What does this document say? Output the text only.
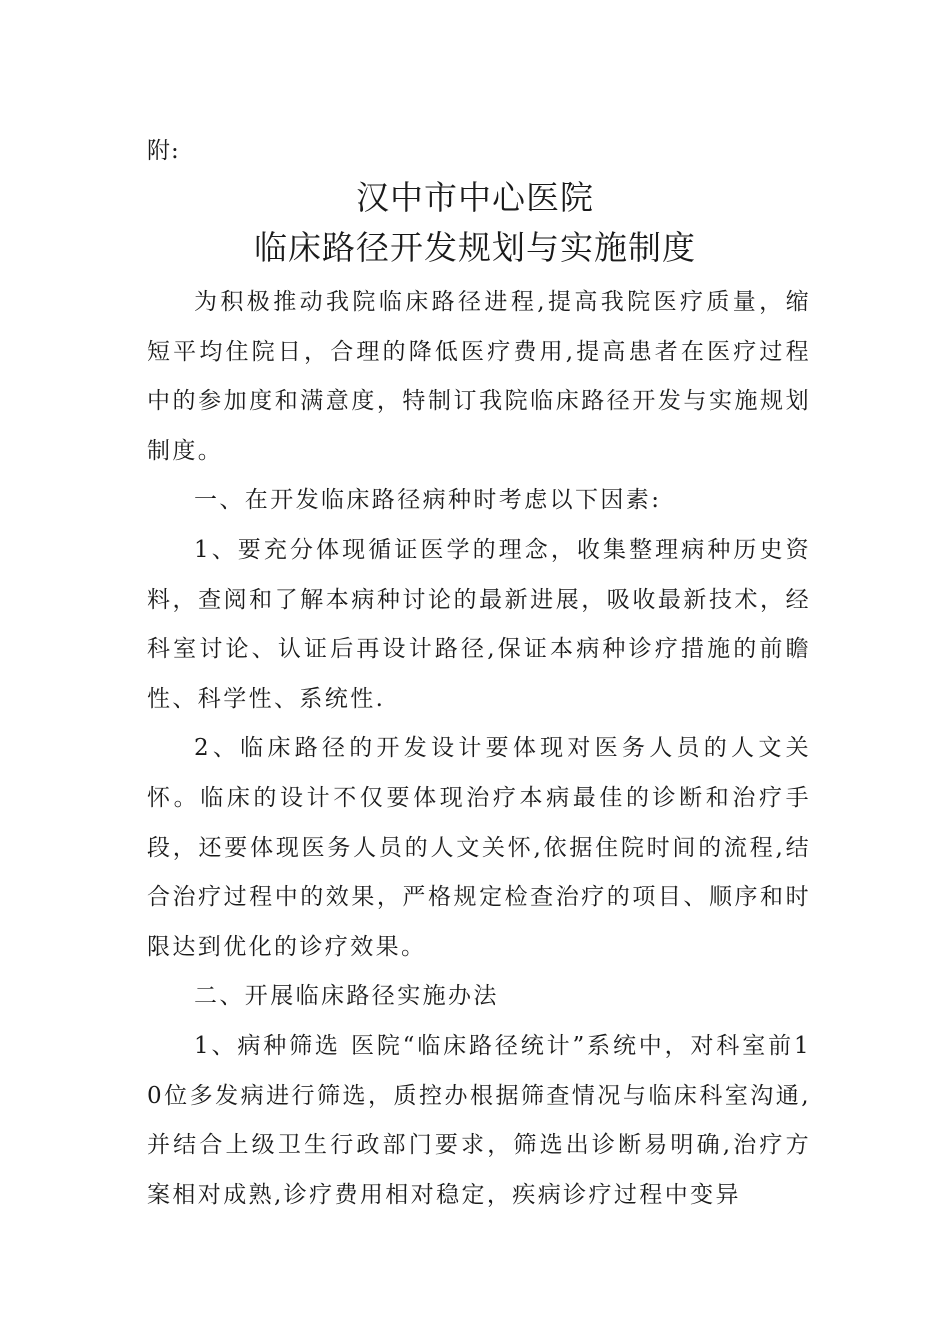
附:
汉中市中心医院
临床路径开发规划与实施制度

为积极推动我院临床路径进程,提高我院医疗质量，缩短平均住院日，合理的降低医疗费用,提高患者在医疗过程中的参加度和满意度，特制订我院临床路径开发与实施规划制度。

一、在开发临床路径病种时考虑以下因素:

1、要充分体现循证医学的理念，收集整理病种历史资料，查阅和了解本病种讨论的最新进展，吸收最新技术，经科室讨论、认证后再设计路径,保证本病种诊疗措施的前瞻性、科学性、系统性.

2、临床路径的开发设计要体现对医务人员的人文关怀。临床的设计不仅要体现治疗本病最佳的诊断和治疗手段，还要体现医务人员的人文关怀,依据住院时间的流程,结合治疗过程中的效果，严格规定检查治疗的项目、顺序和时限达到优化的诊疗效果。

二、开展临床路径实施办法

1、病种筛选 医院“临床路径统计”系统中，对科室前10位多发病进行筛选，质控办根据筛查情况与临床科室沟通,并结合上级卫生行政部门要求，筛选出诊断易明确,治疗方案相对成熟,诊疗费用相对稳定，疾病诊疗过程中变异
